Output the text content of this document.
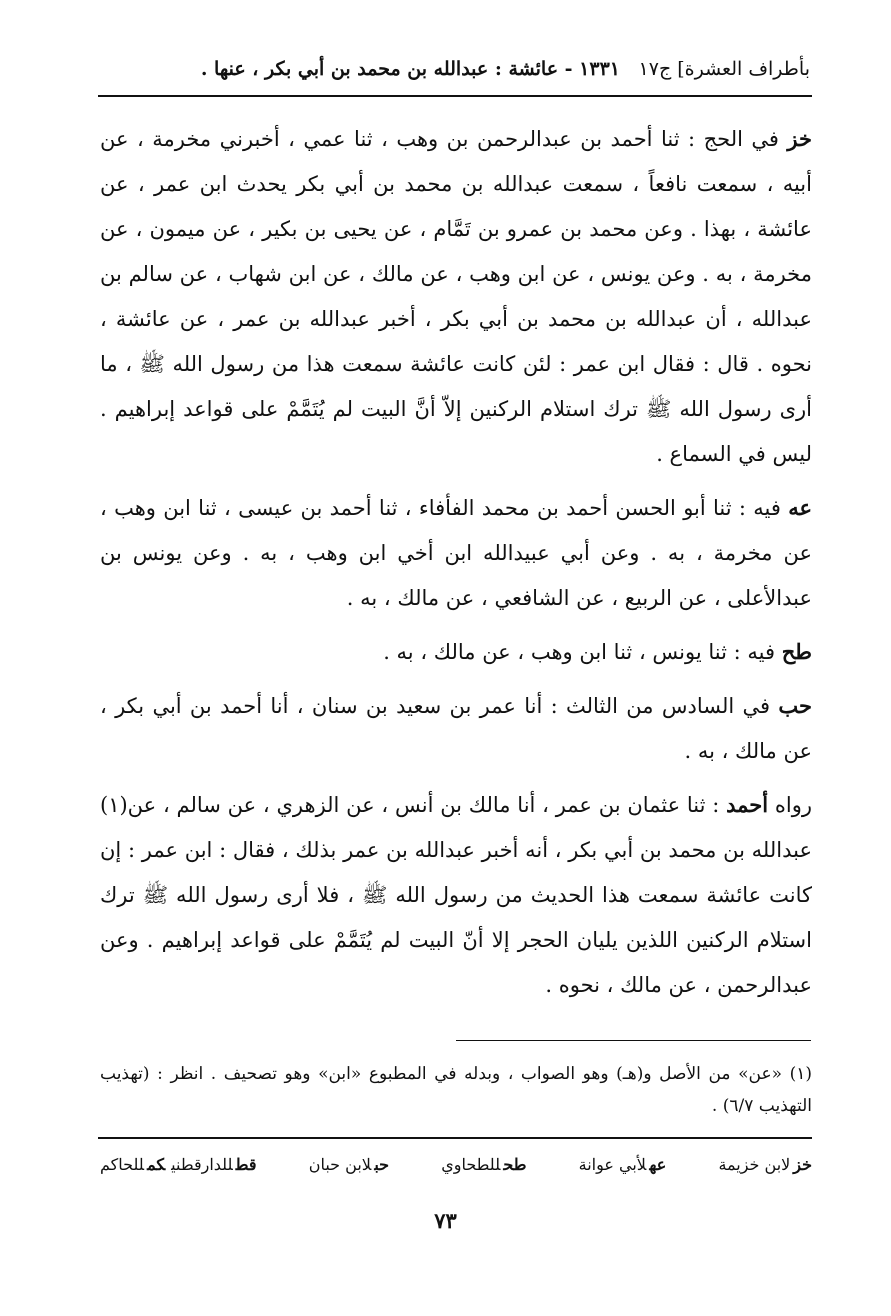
بأطراف العشرة] ج١٧
١٣٣١ - عائشة : عبدالله بن محمد بن أبي بكر ، عنها .

خز في الحج : ثنا أحمد بن عبدالرحمن بن وهب ، ثنا عمي ، أخبرني مخرمة ، عن أبيه ، سمعت نافعاً ، سمعت عبدالله بن محمد بن أبي بكر يحدث ابن عمر ، عن عائشة ، بهذا . وعن محمد بن عمرو بن تَمَّام ، عن يحيى بن بكير ، عن ميمون ، عن مخرمة ، به . وعن يونس ، عن ابن وهب ، عن مالك ، عن ابن شهاب ، عن سالم بن عبدالله ، أن عبدالله بن محمد بن أبي بكر ، أخبر عبدالله بن عمر ، عن عائشة ، نحوه . قال : فقال ابن عمر : لئن كانت عائشة سمعت هذا من رسول الله ﷺ ، ما أرى رسول الله ﷺ ترك استلام الركنين إلاّ أنَّ البيت لم يُتَمَّمْ على قواعد إبراهيم . ليس في السماع .

عه فيه : ثنا أبو الحسن أحمد بن محمد الفأفاء ، ثنا أحمد بن عيسى ، ثنا ابن وهب ، عن مخرمة ، به . وعن أبي عبيدالله ابن أخي ابن وهب ، به . وعن يونس بن عبدالأعلى ، عن الربيع ، عن الشافعي ، عن مالك ، به .

طح فيه : ثنا يونس ، ثنا ابن وهب ، عن مالك ، به .

حب في السادس من الثالث : أنا عمر بن سعيد بن سنان ، أنا أحمد بن أبي بكر ، عن مالك ، به .

رواه أحمد : ثنا عثمان بن عمر ، أنا مالك بن أنس ، عن الزهري ، عن سالم ، عن(١) عبدالله بن محمد بن أبي بكر ، أنه أخبر عبدالله بن عمر بذلك ، فقال : ابن عمر : إن كانت عائشة سمعت هذا الحديث من رسول الله ﷺ ، فلا أرى رسول الله ﷺ ترك استلام الركنين اللذين يليان الحجر إلا أنّ البيت لم يُتَمَّمْ على قواعد إبراهيم . وعن عبدالرحمن ، عن مالك ، نحوه .

(١) «عن» من الأصل و(هـ) وهو الصواب ، وبدله في المطبوع «ابن» وهو تصحيف . انظر : (تهذيب التهذيب ٦/٧) .
خزلابن خزيمة
عهلأبي عوانة
طحللطحاوي
حبلابن حبان
قطللدارقطنيكمللحاكم
٧٣
